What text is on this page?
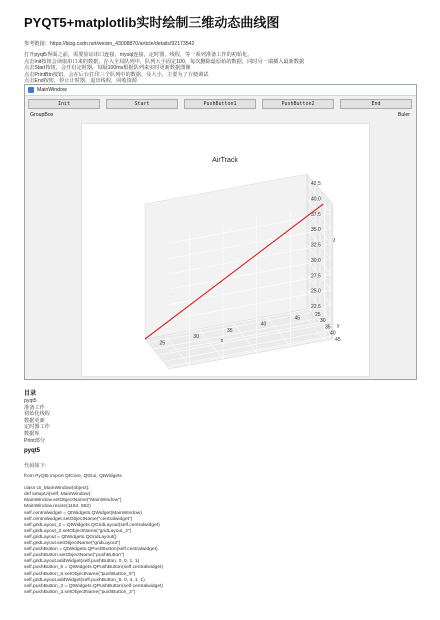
PYQT5+matplotlib实时绘制三维动态曲线图
参考链接：https://blog.csdn.net/weixin_43008870/article/details/92173542
打开pyqt5界面之前，需要验证串口连接，mysql连接，定时器，线程，等一系列准备工作的初始化。
点击Init按钮会读取串口来的数据，存入全局队列中，队列大小固定100，每次删除最原始的数据，同时另一端插入最新数据
点击Start按钮，会开启定时器，每隔100ms根据队列来实时更新数据图像
点击PrintBtn按钮，会在后台打印三个队列中的数据，及大小，主要为了方便调试
点击End按钮，停止计时器，退出线程，回收资源
MainWindow
Init	Start	PushButton1	PushButton2	End
GroupBox	Buler
AirTrack
25
30
35
40
45
25
30
35
40
45
22.5
25.0
27.5
30.0
32.5
35.0
37.5
40.0
42.5
x
y
z
目录
pyqt5
准备工作
初始化线程
数据更新
定时器工作
数据库
Print部分
pyqt5
代码如下：
from PyQt5 import QtCore, QtGui, QtWidgets

class Ui_MainWindow(object):
def setupUi(self, MainWindow):
MainWindow.setObjectName("MainWindow")
MainWindow.resize(1184, 862)
self.centralwidget = QtWidgets.QWidget(MainWindow)
self.centralwidget.setObjectName("centralwidget")
self.gridLayout_2 = QtWidgets.QGridLayout(self.centralwidget)
self.gridLayout_2.setObjectName("gridLayout_2")
self.gridLayout = QtWidgets.QGridLayout()
self.gridLayout.setObjectName("gridLayout")
self.pushButton = QtWidgets.QPushButton(self.centralwidget)
self.pushButton.setObjectName("pushButton")
self.gridLayout.addWidget(self.pushButton, 0, 0, 1, 1)
self.pushButton_5 = QtWidgets.QPushButton(self.centralwidget)
self.pushButton_5.setObjectName("pushButton_5")
self.gridLayout.addWidget(self.pushButton_5, 0, 4, 1, 1)
self.pushButton_3 = QtWidgets.QPushButton(self.centralwidget)
self.pushButton_3.setObjectName("pushButton_3")
